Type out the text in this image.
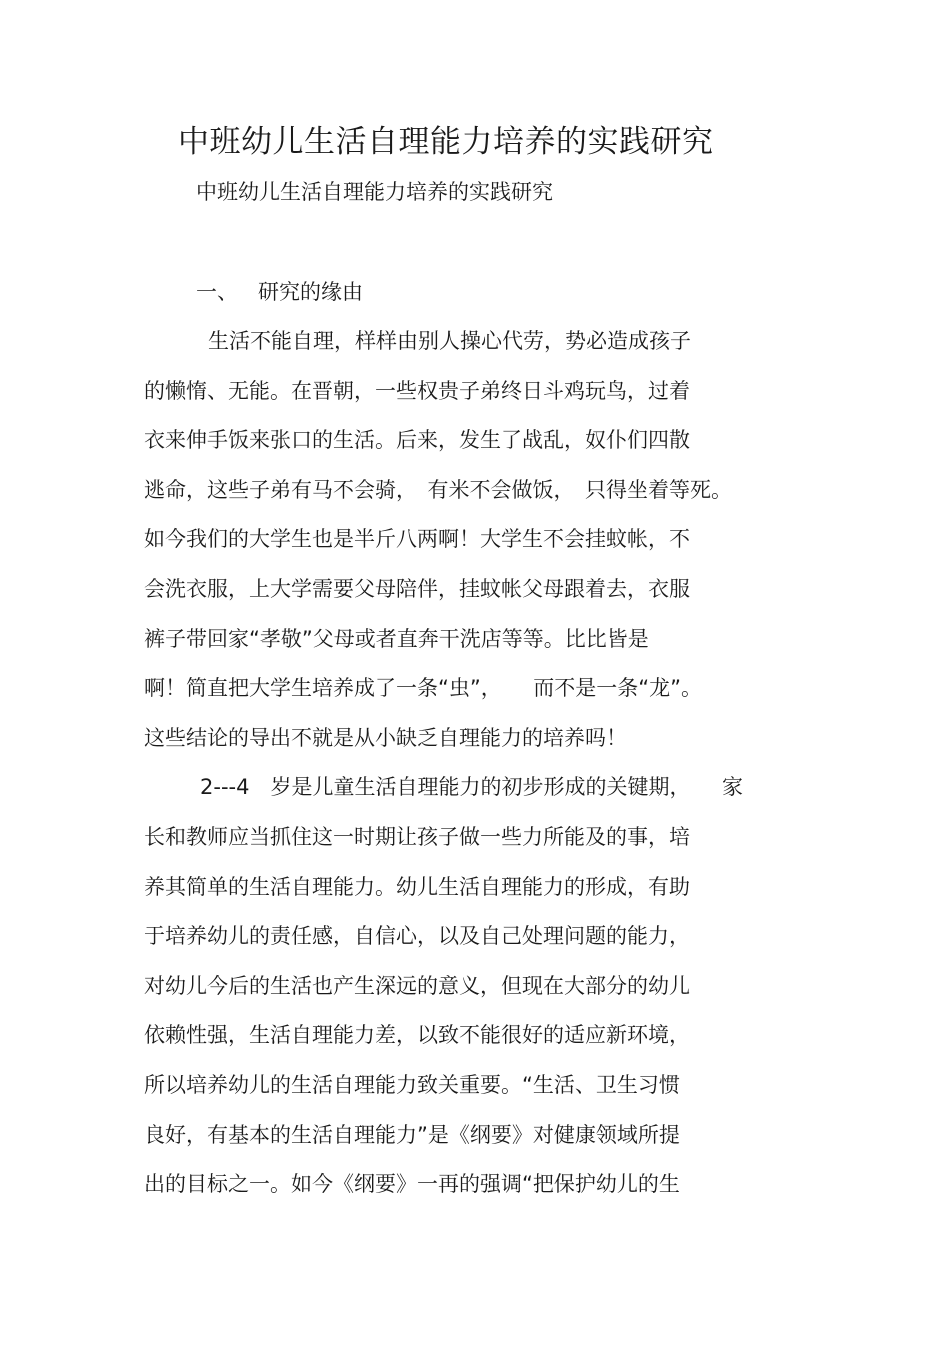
中班幼儿生活自理能力培养的实践研究
中班幼儿生活自理能力培养的实践研究
一、 研究的缘由
生活不能自理，样样由别人操心代劳，势必造成孩子
的懒惰、无能。在晋朝，一些权贵子弟终日斗鸡玩鸟，过着
衣来伸手饭来张口的生活。后来，发生了战乱，奴仆们四散
逃命，这些子弟有马不会骑，　有米不会做饭，　只得坐着等死。
如今我们的大学生也是半斤八两啊！大学生不会挂蚊帐，不
会洗衣服，上大学需要父母陪伴，挂蚊帐父母跟着去，衣服
裤子带回家“孝敬”父母或者直奔干洗店等等。比比皆是
啊！简直把大学生培养成了一条“虫”，　　而不是一条“龙”。
这些结论的导出不就是从小缺乏自理能力的培养吗！
2---4　岁是儿童生活自理能力的初步形成的关键期，　　家
长和教师应当抓住这一时期让孩子做一些力所能及的事，培
养其简单的生活自理能力。幼儿生活自理能力的形成，有助
于培养幼儿的责任感，自信心，以及自己处理问题的能力，
对幼儿今后的生活也产生深远的意义，但现在大部分的幼儿
依赖性强，生活自理能力差，以致不能很好的适应新环境，
所以培养幼儿的生活自理能力致关重要。“生活、卫生习惯
良好，有基本的生活自理能力”是《纲要》对健康领域所提
出的目标之一。如今《纲要》一再的强调“把保护幼儿的生
